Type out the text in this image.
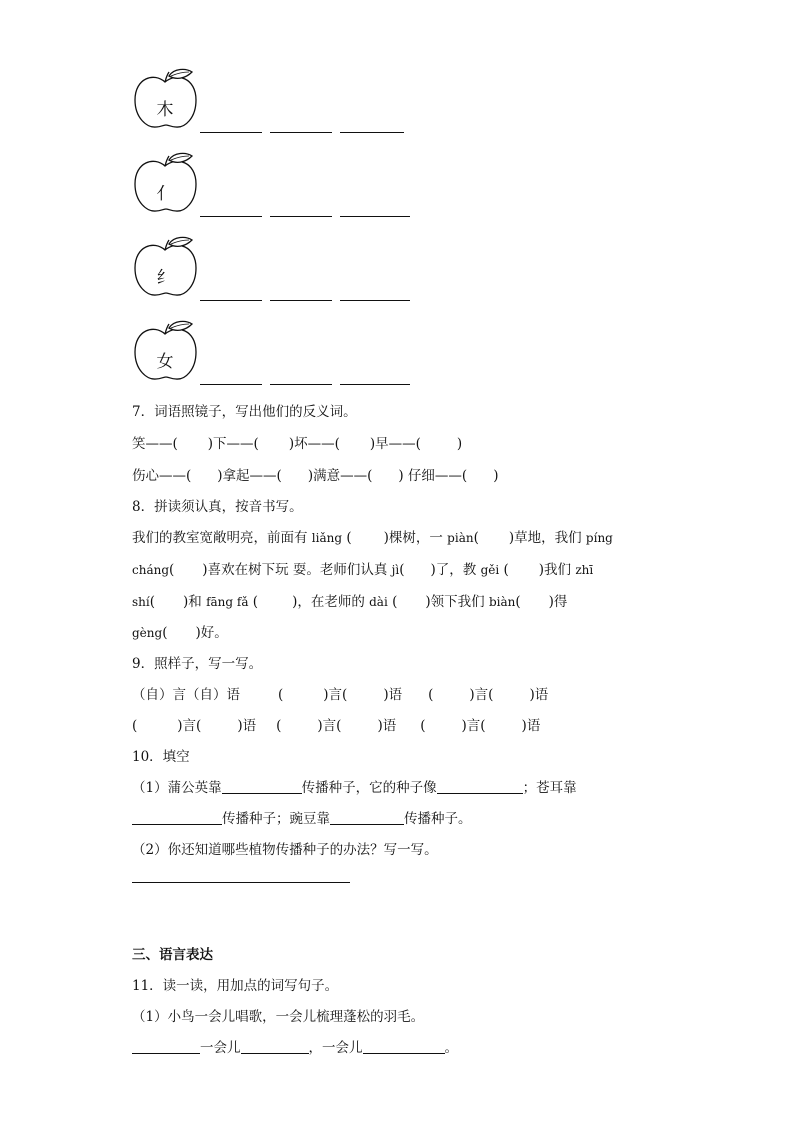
木
亻
纟
女
7．词语照镜子，写出他们的反义词。
笑——( )下——( )坏——( )早——(	)
伤心——( )拿起——( )满意——( ) 仔细——( )
8．拼读须认真，按音书写。
我们的教室宽敞明亮，前面有 liǎng ( )棵树，一 piàn( )草地，我们 píng
cháng( )喜欢在树下玩 耍。老师们认真 jì( )了，教 gěi ( )我们 zhī
shí( )和 fāng fǎ (	)，在老师的 dài ( )领下我们 biàn( )得
gèng( )好。
9．照样子，写一写。
（自）言（自）语	(	)言(	)语 (	)言(	)语
(	)言(	)语 (	)言(	)语 (	)言(	)语
10．填空
（1）蒲公英靠	传播种子，它的种子像	；苍耳靠
传播种子；豌豆靠	传播种子。
（2）你还知道哪些植物传播种子的办法？写一写。
三、语言表达
11．读一读，用加点的词写句子。
（1）小鸟一会儿唱歌，一会儿梳理蓬松的羽毛。
一会儿	，一会儿	。
